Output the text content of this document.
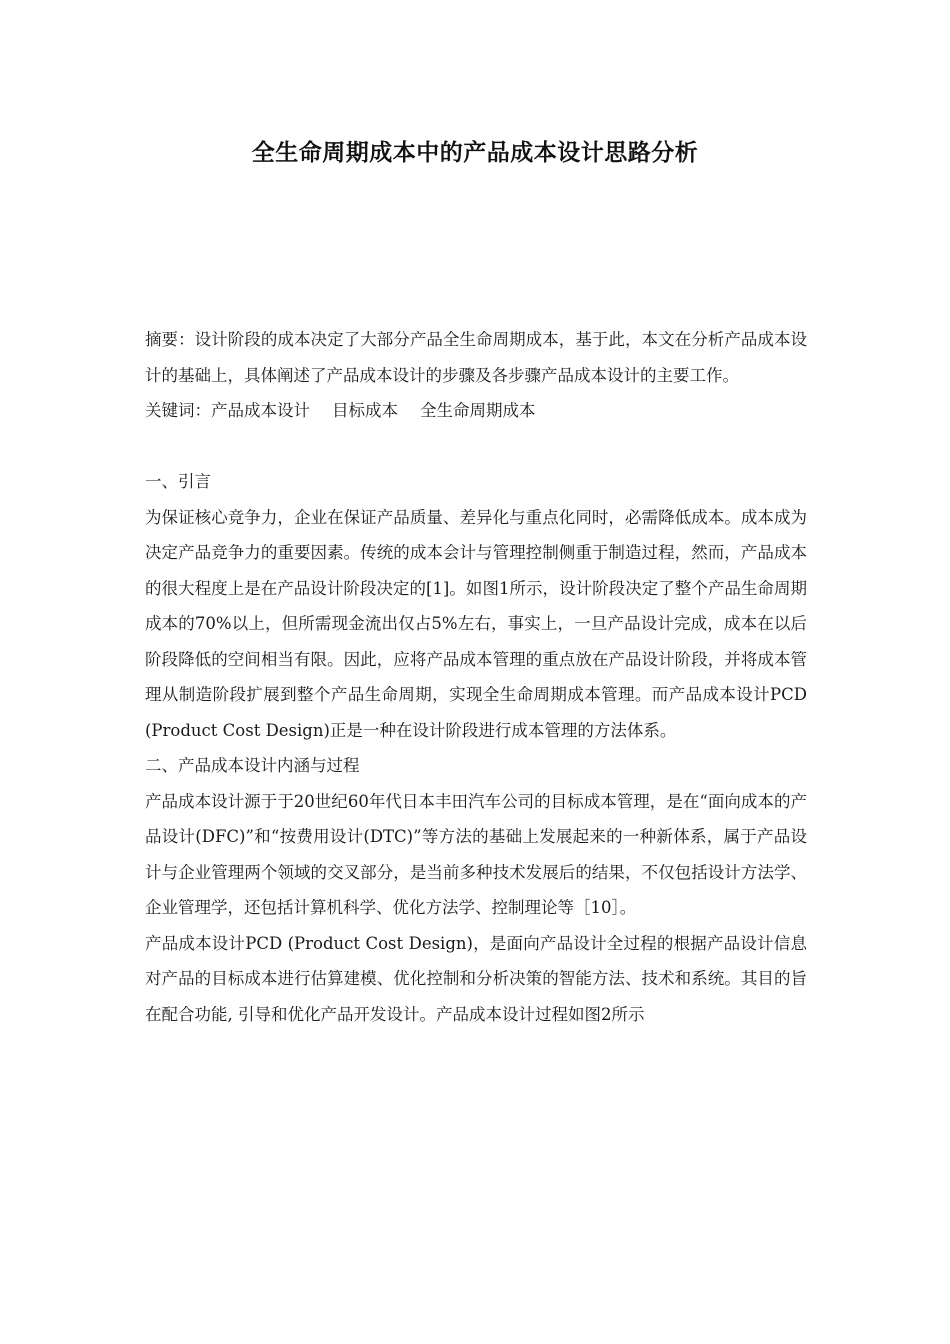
全生命周期成本中的产品成本设计思路分析

摘要：设计阶段的成本决定了大部分产品全生命周期成本，基于此，本文在分析产品成本设计的基础上，具体阐述了产品成本设计的步骤及各步骤产品成本设计的主要工作。

关键词：产品成本设计 目标成本 全生命周期成本

一、引言

为保证核心竞争力，企业在保证产品质量、差异化与重点化同时，必需降低成本。成本成为决定产品竞争力的重要因素。传统的成本会计与管理控制侧重于制造过程，然而，产品成本的很大程度上是在产品设计阶段决定的[1]。如图1所示，设计阶段决定了整个产品生命周期成本的70%以上，但所需现金流出仅占5%左右，事实上，一旦产品设计完成，成本在以后阶段降低的空间相当有限。因此，应将产品成本管理的重点放在产品设计阶段，并将成本管理从制造阶段扩展到整个产品生命周期，实现全生命周期成本管理。而产品成本设计PCD (Product Cost Design)正是一种在设计阶段进行成本管理的方法体系。

二、产品成本设计内涵与过程

产品成本设计源于于20世纪60年代日本丰田汽车公司的目标成本管理，是在“面向成本的产品设计(DFC)”和“按费用设计(DTC)”等方法的基础上发展起来的一种新体系，属于产品设计与企业管理两个领域的交叉部分，是当前多种技术发展后的结果，不仅包括设计方法学、企业管理学，还包括计算机科学、优化方法学、控制理论等［10］。

产品成本设计PCD (Product Cost Design)，是面向产品设计全过程的根据产品设计信息对产品的目标成本进行估算建模、优化控制和分析决策的智能方法、技术和系统。其目的旨在配合功能, 引导和优化产品开发设计。产品成本设计过程如图2所示
